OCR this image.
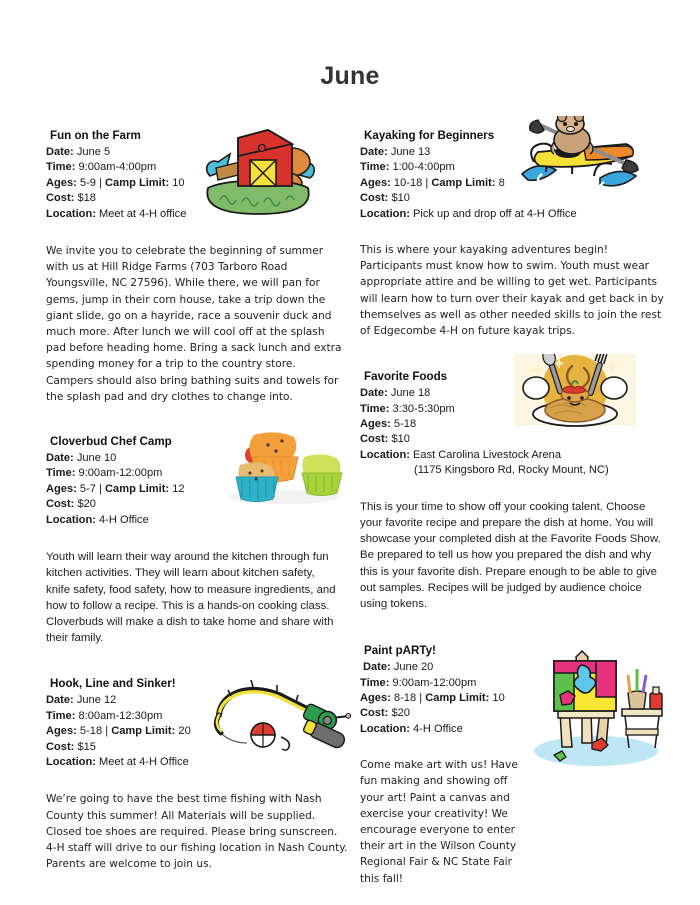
June
Fun on the Farm
Date: June 5
Time: 9:00am-4:00pm
Ages: 5-9 | Camp Limit: 10
Cost: $18
Location: Meet at 4-H office
We invite you to celebrate the beginning of summer with us at Hill Ridge Farms (703 Tarboro Road Youngsville, NC 27596). While there, we will pan for gems, jump in their corn house, take a trip down the giant slide, go on a hayride, race a souvenir duck and much more. After lunch we will cool off at the splash pad before heading home. Bring a sack lunch and extra spending money for a trip to the country store. Campers should also bring bathing suits and towels for the splash pad and dry clothes to change into.
Cloverbud Chef Camp
Date: June 10
Time: 9:00am-12:00pm
Ages: 5-7 | Camp Limit: 12
Cost: $20
Location: 4-H Office
Youth will learn their way around the kitchen through fun kitchen activities. They will learn about kitchen safety, knife safety, food safety, how to measure ingredients, and how to follow a recipe. This is a hands-on cooking class. Cloverbuds will make a dish to take home and share with their family.
Hook, Line and Sinker!
Date: June 12
Time: 8:00am-12:30pm
Ages: 5-18 | Camp Limit: 20
Cost: $15
Location: Meet at 4-H Office
We’re going to have the best time fishing with Nash County this summer! All Materials will be supplied. Closed toe shoes are required. Please bring sunscreen. 4-H staff will drive to our fishing location in Nash County. Parents are welcome to join us.
Kayaking for Beginners
Date: June 13
Time: 1:00-4:00pm
Ages: 10-18 | Camp Limit: 8
Cost: $10
Location: Pick up and drop off at 4-H Office
This is where your kayaking adventures begin! Participants must know how to swim. Youth must wear appropriate attire and be willing to get wet. Participants will learn how to turn over their kayak and get back in by themselves as well as other needed skills to join the rest of Edgecombe 4-H on future kayak trips.
Favorite Foods
Date: June 18
Time: 3:30-5:30pm
Ages: 5-18
Cost: $10
Location: East Carolina Livestock Arena
(1175 Kingsboro Rd, Rocky Mount, NC)
This is your time to show off your cooking talent. Choose your favorite recipe and prepare the dish at home. You will showcase your completed dish at the Favorite Foods Show. Be prepared to tell us how you prepared the dish and why this is your favorite dish. Prepare enough to be able to give out samples. Recipes will be judged by audience choice using tokens.
Paint pARTy!
Date: June 20
Time: 9:00am-12:00pm
Ages: 8-18 | Camp Limit: 10
Cost: $20
Location: 4-H Office
Come make art with us! Have fun making and showing off your art! Paint a canvas and exercise your creativity! We encourage everyone to enter their art in the Wilson County Regional Fair & NC State Fair this fall!
